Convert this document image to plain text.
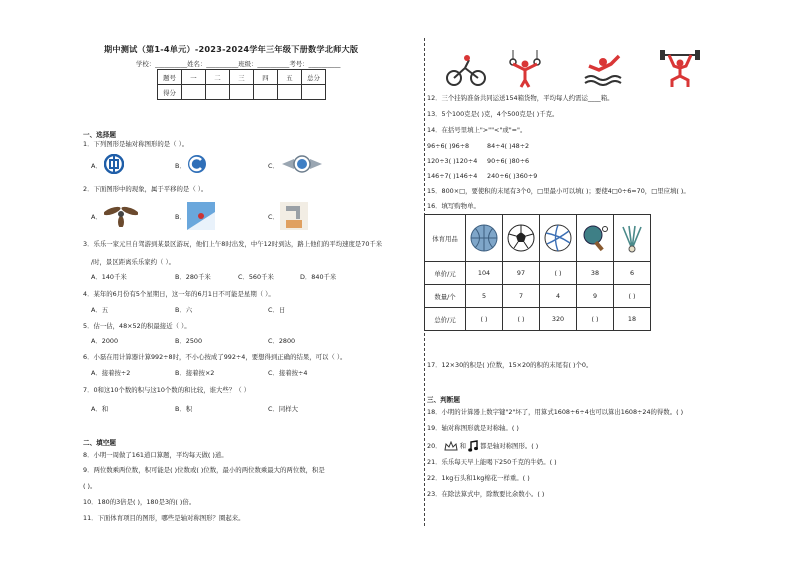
期中测试（第1-4单元）-2023-2024学年三年级下册数学北师大版
学校：__________姓名：__________班级：__________考号：__________
题号	一	二	三	四	五	总分
得分						
一、选择题
1．下列图形是轴对称图形的是（ ）。
A．	B．	C．
2．下面图形中的现象，属于平移的是（ ）。
A．	B．	C．
3．乐乐一家元旦自驾游到某景区游玩，他们上午8时出发，中午12时到达，路上他们的平均速度是70千米
/时，景区距离乐乐家约（ ）。
A．140千米	B．280千米	C．560千米	D．840千米
4．某年的6月份有5个星期日，这一年的6月1日不可能是星期（ ）。
A．五	B．六	C．日
5．估一估，48×52的积最接近（ ）。
A．2000	B．2500	C．2800
6．小磊在用计算器计算992÷8时，不小心按成了992÷4，要想得到正确的结果，可以（ ）。
A．接着按÷2	B．接着按×2	C．接着按÷4
7．0和这10个数的积与这10个数的和比较，谁大些？（ ）
A．和	B．积	C．同样大
二、填空题
8．小明一周做了161道口算题，平均每天做( )道。
9．两位数乘两位数，积可能是( )位数或( )位数，最小的两位数乘最大的两位数，积是
( )。
10．180的3倍是( )，180是3的( )倍。
11．下面体育项目的图形，哪些是轴对称图形？圈起来。
12．三个挂钩准备共同运送154箱货物，平均每人约需运____箱。
13．5个100克是( )克，4个500克是( )千克。
14．在括号里填上">""<"或"="。
96÷6( )96÷8	84÷4( )48÷2
120÷3( )120÷4 90÷6( )80÷6
146÷7( )146÷4 240÷6( )360÷9
15．800×□，要使积的末尾有3个0，□里最小可以填( )；要使4□0÷6=70，□里应填( )。
16．填写购物单。
体育用品					
单价/元	104	97	( )	38	6
数量/个	5	7	4	9	( )
总价/元	( )	( )	320	( )	18
17．12×30的积是( )位数，15×20的积的末尾有( )个0。
三、判断题
18．小明的计算器上数字键"2"坏了，用算式1608÷6÷4也可以算出1608÷24的得数。( )
19．轴对称图形就是对称轴。( )
20．	和 都是轴对称图形。( )
21．乐乐每天早上能喝下250千克的牛奶。( )
22．1kg石头和1kg棉花一样重。( )
23．在除法算式中，除数要比余数小。( )
